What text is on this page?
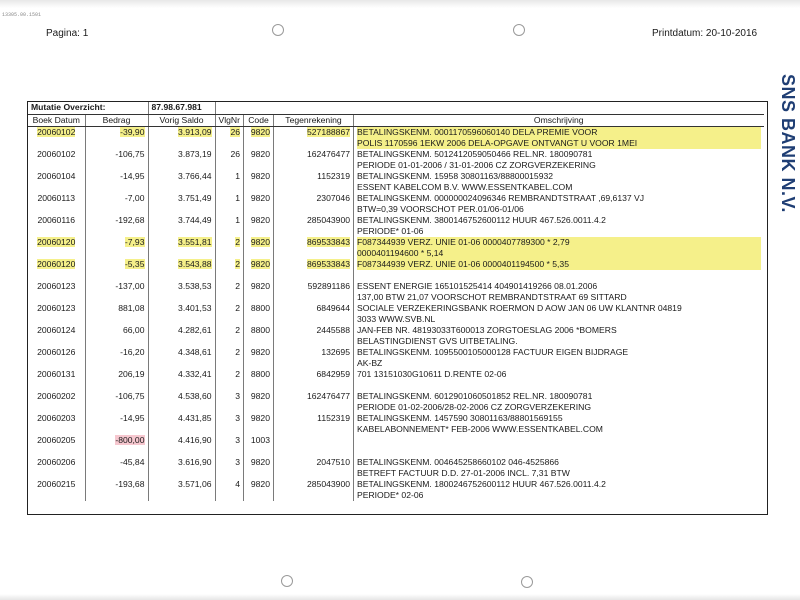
13305.00.1501
Pagina: 1	Printdatum: 20-10-2016
SNS BANK N.V.
Mutatie Overzicht:		87.98.67.981				
Boek Datum	Bedrag	Vorig Saldo	VlgNr	Code	Tegenrekening	Omschrijving
20060102	-39,90	3.913,09	26	9820	527188867	BETALINGSKENM. 0001170596060140 DELA PREMIE VOOR
POLIS 1170596 1EKW 2006 DELA-OPGAVE ONTVANGT U VOOR 1MEI

20060102	-106,75	3.873,19	26	9820	162476477	BETALINGSKENM. 5012412059050466 REL.NR. 180090781
PERIODE 01-01-2006 / 31-01-2006 CZ ZORGVERZEKERING

20060104	-14,95	3.766,44	1	9820	1152319	BETALINGSKENM. 15958 30801163/88800015932
ESSENT KABELCOM B.V. WWW.ESSENTKABEL.COM

20060113	-7,00	3.751,49	1	9820	2307046	BETALINGSKENM. 000000024096346 REMBRANDTSTRAAT ,69,6137 VJ
BTW=0,39 VOORSCHOT PER.01/06-01/06

20060116	-192,68	3.744,49	1	9820	285043900	BETALINGSKENM. 3800146752600112 HUUR 467.526.0011.4.2
PERIODE* 01-06

20060120	-7,93	3.551,81	2	9820	869533843	F087344939 VERZ. UNIE 01-06 0000407789300 * 2,79
0000401194600 * 5,14

20060120	-5,35	3.543,88	2	9820	869533843	F087344939 VERZ. UNIE 01-06 0000401194500 * 5,35

20060123	-137,00	3.538,53	2	9820	592891186	ESSENT ENERGIE 165101525414 404901419266 08.01.2006
137,00 BTW 21,07 VOORSCHOT REMBRANDTSTRAAT 69 SITTARD

20060123	881,08	3.401,53	2	8800	6849644	SOCIALE VERZEKERINGSBANK ROERMON D AOW JAN 06 UW KLANTNR 04819
3033 WWW.SVB.NL

20060124	66,00	4.282,61	2	8800	2445588	JAN-FEB NR. 48193033T600013 ZORGTOESLAG 2006 *BOMERS
BELASTINGDIENST GVS UITBETALING.

20060126	-16,20	4.348,61	2	9820	132695	BETALINGSKENM. 1095500105000128 FACTUUR EIGEN BIJDRAGE
AK-BZ

20060131	206,19	4.332,41	2	8800	6842959	701 13151030G10611 D.RENTE 02-06

20060202	-106,75	4.538,60	3	9820	162476477	BETALINGSKENM. 6012901060501852 REL.NR. 180090781
PERIODE 01-02-2006/28-02-2006 CZ ZORGVERZEKERING

20060203	-14,95	4.431,85	3	9820	1152319	BETALINGSKENM. 1457590 30801163/88801569155
KABELABONNEMENT* FEB-2006 WWW.ESSENTKABEL.COM

20060205	-800,00	4.416,90	3	1003		

20060206	-45,84	3.616,90	3	9820	2047510	BETALINGSKENM. 004645258660102 046-4525866
BETREFT FACTUUR D.D. 27-01-2006 INCL. 7,31 BTW

20060215	-193,68	3.571,06	4	9820	285043900	BETALINGSKENM. 1800246752600112 HUUR 467.526.0011.4.2
PERIODE* 02-06
